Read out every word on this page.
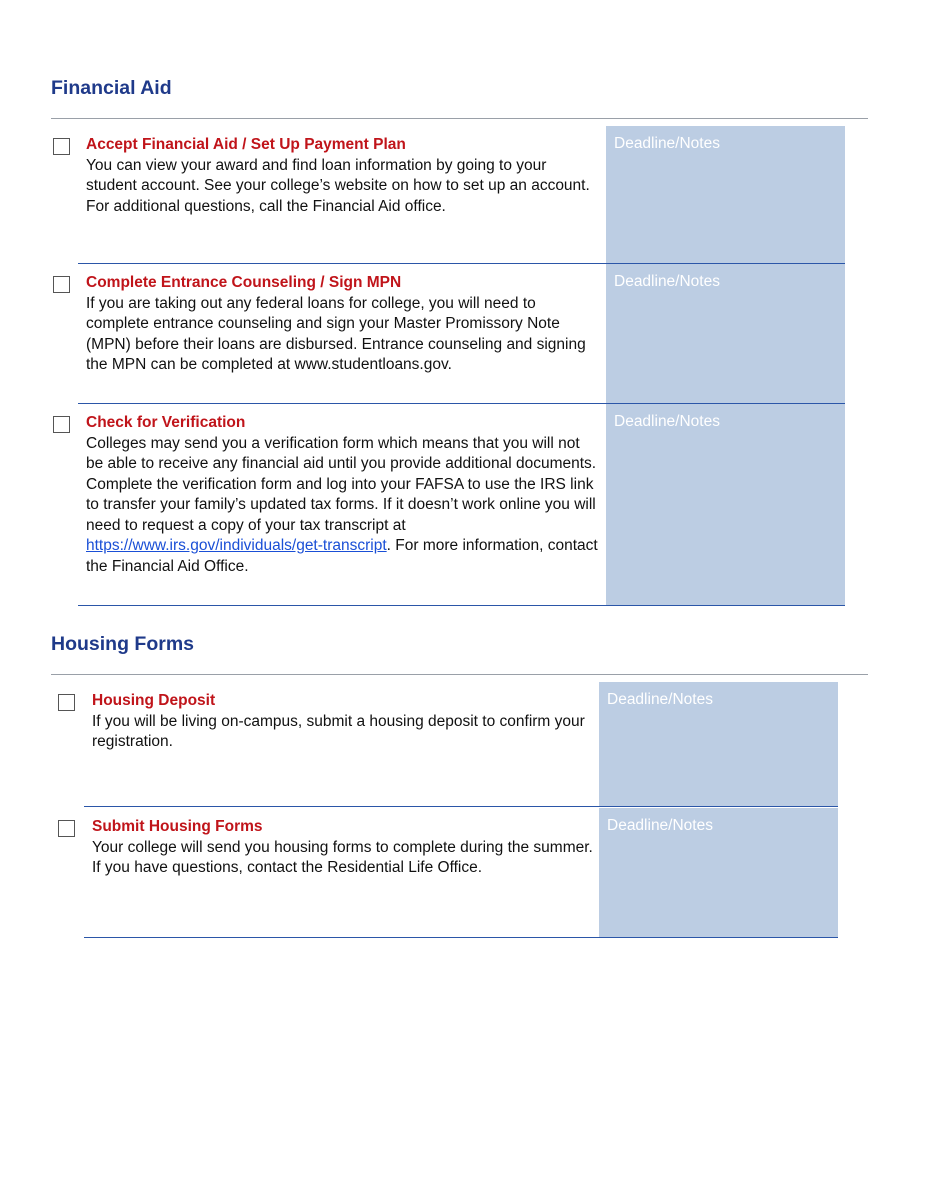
Financial Aid
Accept Financial Aid / Set Up Payment Plan
You can view your award and find loan information by going to your student account. See your college’s website on how to set up an account. For additional questions, call the Financial Aid office.
Deadline/Notes
Complete Entrance Counseling / Sign MPN
If you are taking out any federal loans for college, you will need to complete entrance counseling and sign your Master Promissory Note (MPN) before their loans are disbursed. Entrance counseling and signing the MPN can be completed at www.studentloans.gov.
Deadline/Notes
Check for Verification
Colleges may send you a verification form which means that you will not be able to receive any financial aid until you provide additional documents. Complete the verification form and log into your FAFSA to use the IRS link to transfer your family’s updated tax forms. If it doesn’t work online you will need to request a copy of your tax transcript at https://www.irs.gov/individuals/get-transcript. For more information, contact the Financial Aid Office.
Deadline/Notes
Housing Forms
Housing Deposit
If you will be living on-campus, submit a housing deposit to confirm your registration.
Deadline/Notes
Submit Housing Forms
Your college will send you housing forms to complete during the summer. If you have questions, contact the Residential Life Office.
Deadline/Notes
